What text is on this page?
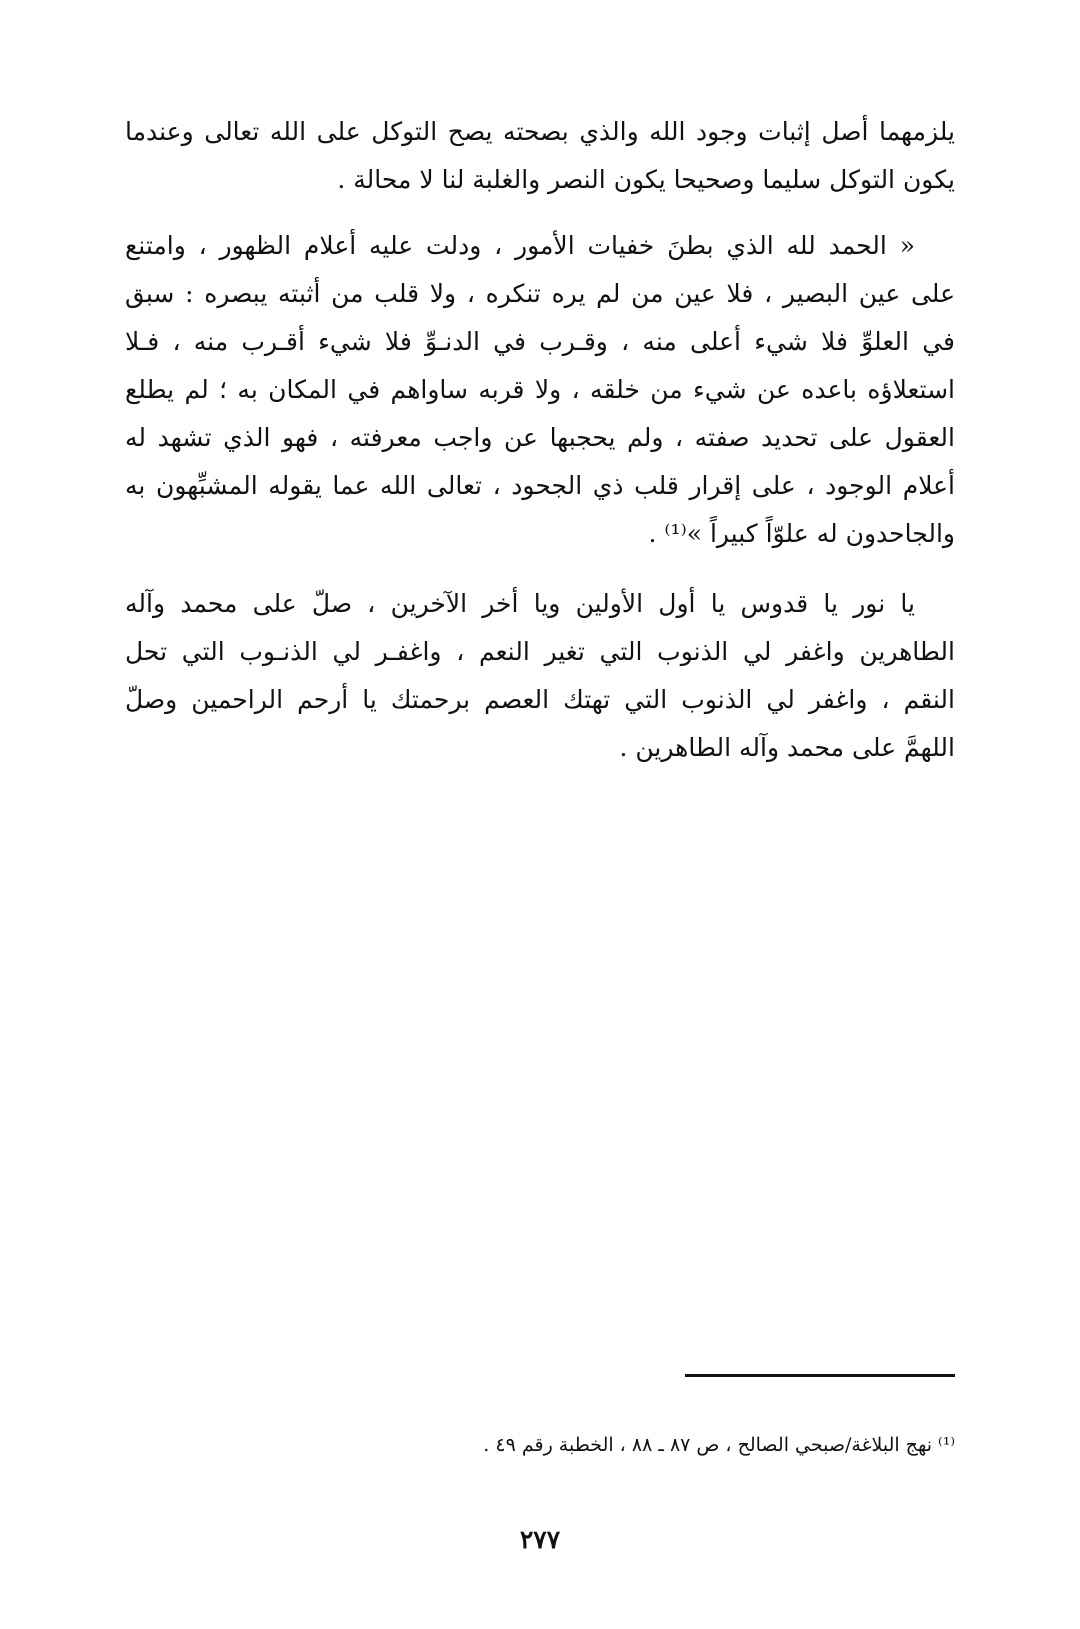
يلزمهما أصل إثبات وجود الله والذي بصحته يصح التوكل على الله تعالى وعندما
يكون التوكل سليما وصحيحا يكون النصر والغلبة لنا لا محالة .
« الحمد لله الذي بطنَ خفيات الأمور ، ودلت عليه أعلام الظهور ، وامتنع
على عين البصير ، فلا عين من لم يره تنكره ، ولا قلب من أثبته يبصره : سبق
في العلوِّ فلا شيء أعلى منه ، وقـرب في الدنـوِّ فلا شيء أقـرب منه ، فـلا
استعلاؤه باعده عن شيء من خلقه ، ولا قربه ساواهم في المكان به ؛ لم يطلع
العقول على تحديد صفته ، ولم يحجبها عن واجب معرفته ، فهو الذي تشهد له
أعلام الوجود ، على إقرار قلب ذي الجحود ، تعالى الله عما يقوله المشبِّهون به
والجاحدون له علوّاً كبيراً »⁽¹⁾ .
يا نور يا قدوس يا أول الأولين ويا أخر الآخرين ، صلّ على محمد وآله
الطاهرين واغفر لي الذنوب التي تغير النعم ، واغفـر لي الذنـوب التي تحل
النقم ، واغفر لي الذنوب التي تهتك العصم برحمتك يا أرحم الراحمين وصلّ
اللهمَّ على محمد وآله الطاهرين .
⁽¹⁾ نهج البلاغة/صبحي الصالح ، ص ٨٧ ـ ٨٨ ، الخطبة رقم ٤٩ .
٢٧٧
